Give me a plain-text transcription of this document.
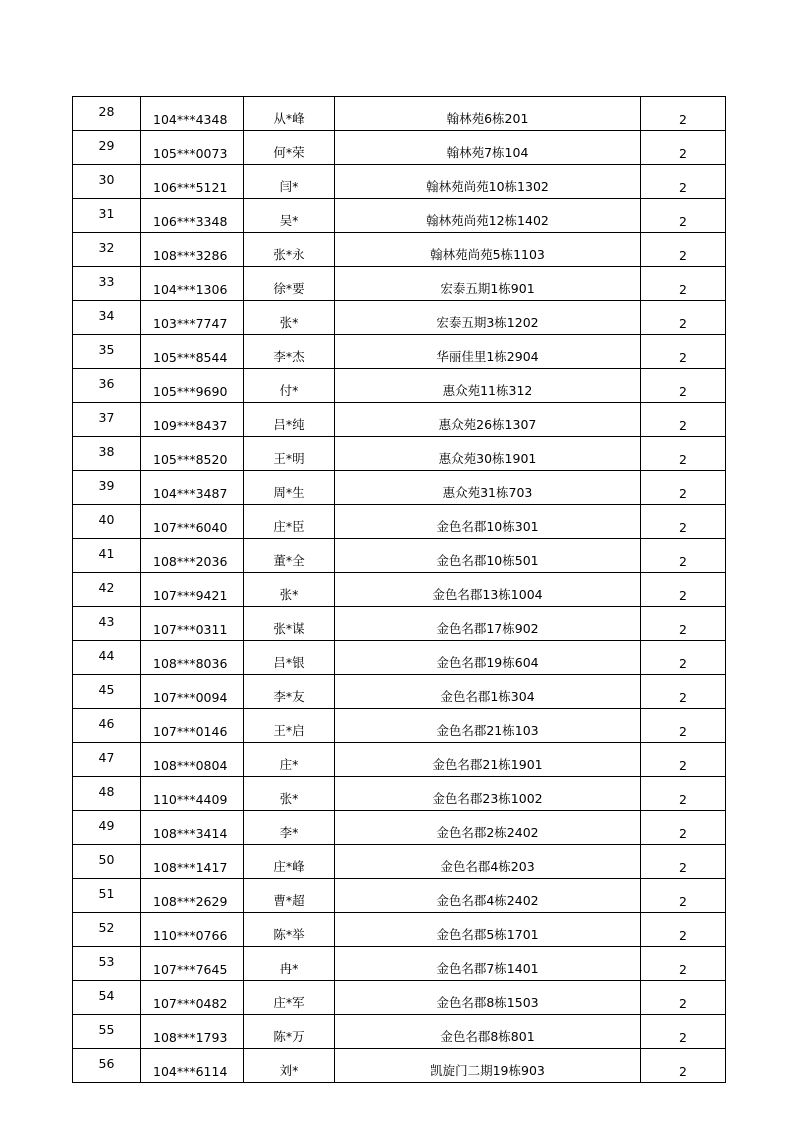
28	104***4348	从*峰	翰林苑6栋201	2
29	105***0073	何*荣	翰林苑7栋104	2
30	106***5121	闫*	翰林苑尚苑10栋1302	2
31	106***3348	吴*	翰林苑尚苑12栋1402	2
32	108***3286	张*永	翰林苑尚苑5栋1103	2
33	104***1306	徐*要	宏泰五期1栋901	2
34	103***7747	张*	宏泰五期3栋1202	2
35	105***8544	李*杰	华丽佳里1栋2904	2
36	105***9690	付*	惠众苑11栋312	2
37	109***8437	吕*纯	惠众苑26栋1307	2
38	105***8520	王*明	惠众苑30栋1901	2
39	104***3487	周*生	惠众苑31栋703	2
40	107***6040	庄*臣	金色名郡10栋301	2
41	108***2036	董*全	金色名郡10栋501	2
42	107***9421	张*	金色名郡13栋1004	2
43	107***0311	张*谋	金色名郡17栋902	2
44	108***8036	吕*银	金色名郡19栋604	2
45	107***0094	李*友	金色名郡1栋304	2
46	107***0146	王*启	金色名郡21栋103	2
47	108***0804	庄*	金色名郡21栋1901	2
48	110***4409	张*	金色名郡23栋1002	2
49	108***3414	李*	金色名郡2栋2402	2
50	108***1417	庄*峰	金色名郡4栋203	2
51	108***2629	曹*超	金色名郡4栋2402	2
52	110***0766	陈*举	金色名郡5栋1701	2
53	107***7645	冉*	金色名郡7栋1401	2
54	107***0482	庄*军	金色名郡8栋1503	2
55	108***1793	陈*万	金色名郡8栋801	2
56	104***6114	刘*	凯旋门二期19栋903	2
